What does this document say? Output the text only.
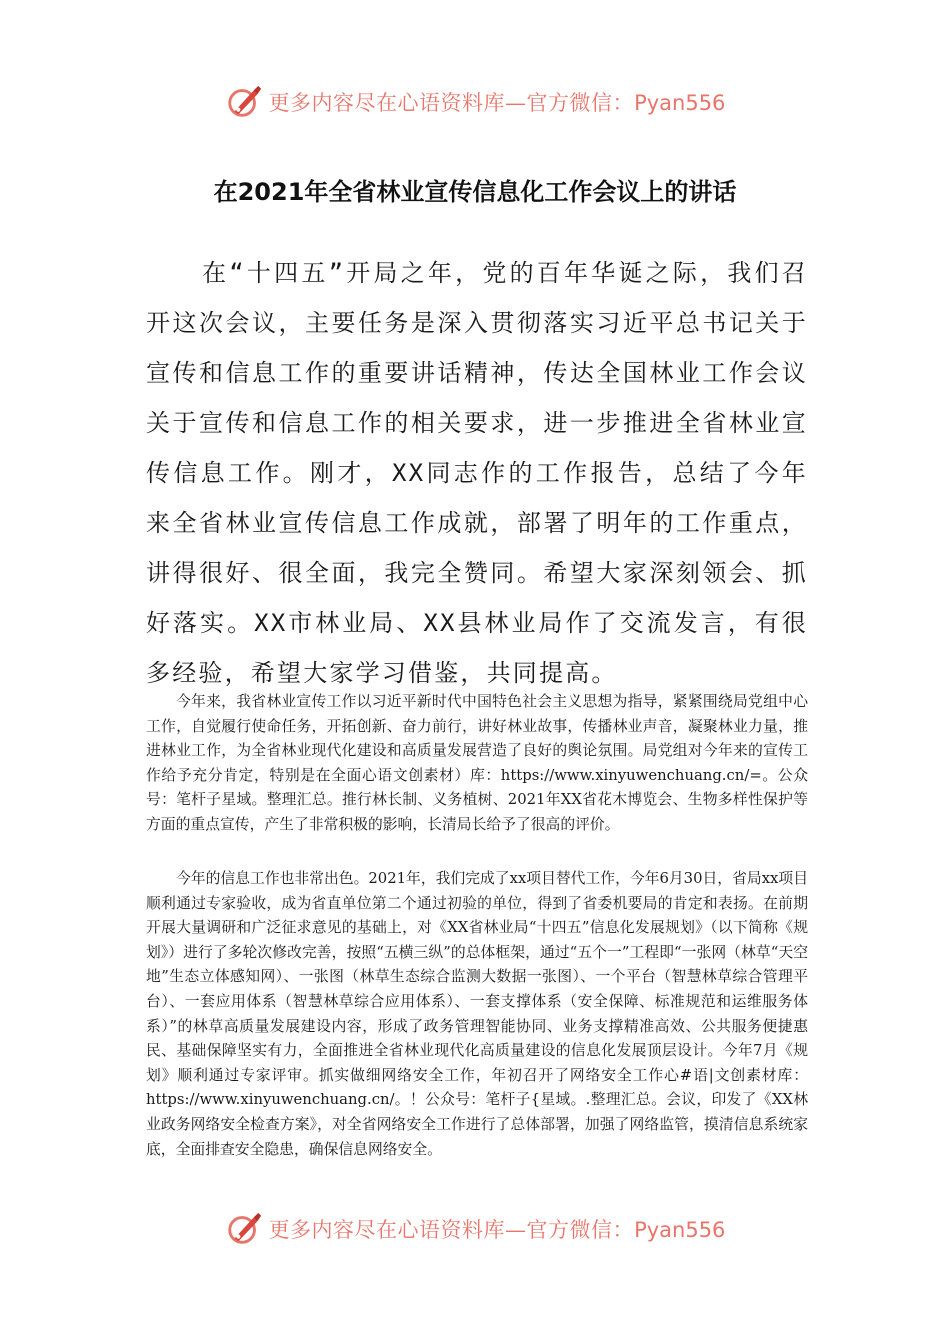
更多内容尽在心语资料库—官方微信：Pyan556
在2021年全省林业宣传信息化工作会议上的讲话

在“十四五”开局之年，党的百年华诞之际，我们召开这次会议，主要任务是深入贯彻落实习近平总书记关于宣传和信息工作的重要讲话精神，传达全国林业工作会议关于宣传和信息工作的相关要求，进一步推进全省林业宣传信息工作。刚才，XX同志作的工作报告，总结了今年来全省林业宣传信息工作成就，部署了明年的工作重点，讲得很好、很全面，我完全赞同。希望大家深刻领会、抓好落实。XX市林业局、XX县林业局作了交流发言，有很多经验，希望大家学习借鉴，共同提高。

今年来，我省林业宣传工作以习近平新时代中国特色社会主义思想为指导，紧紧围绕局党组中心工作，自觉履行使命任务，开拓创新、奋力前行，讲好林业故事，传播林业声音，凝聚林业力量，推进林业工作，为全省林业现代化建设和高质量发展营造了良好的舆论氛围。局党组对今年来的宣传工作给予充分肯定，特别是在全面心语文创素材）库：https://www.xinyuwenchuang.cn/=。公众号：笔杆子星域。整理汇总。推行林长制、义务植树、2021年XX省花木博览会、生物多样性保护等方面的重点宣传，产生了非常积极的影响，长清局长给予了很高的评价。

今年的信息工作也非常出色。2021年，我们完成了xx项目替代工作，今年6月30日，省局xx项目顺利通过专家验收，成为省直单位第二个通过初验的单位，得到了省委机要局的肯定和表扬。在前期开展大量调研和广泛征求意见的基础上，对《XX省林业局“十四五”信息化发展规划》（以下简称《规划》）进行了多轮次修改完善，按照“五横三纵”的总体框架，通过“五个一”工程即“一张网（林草“天空地”生态立体感知网）、一张图（林草生态综合监测大数据一张图）、一个平台（智慧林草综合管理平台）、一套应用体系（智慧林草综合应用体系）、一套支撑体系（安全保障、标准规范和运维服务体系）”的林草高质量发展建设内容，形成了政务管理智能协同、业务支撑精准高效、公共服务便捷惠民、基础保障坚实有力，全面推进全省林业现代化高质量建设的信息化发展顶层设计。今年7月《规划》顺利通过专家评审。抓实做细网络安全工作，年初召开了网络安全工作心#语|文创素材库：https://www.xinyuwenchuang.cn/。！公众号：笔杆子{星域。.整理汇总。会议，印发了《XX林业政务网络安全检查方案》，对全省网络安全工作进行了总体部署，加强了网络监管，摸清信息系统家底，全面排查安全隐患，确保信息网络安全。

更多内容尽在心语资料库—官方微信：Pyan556
